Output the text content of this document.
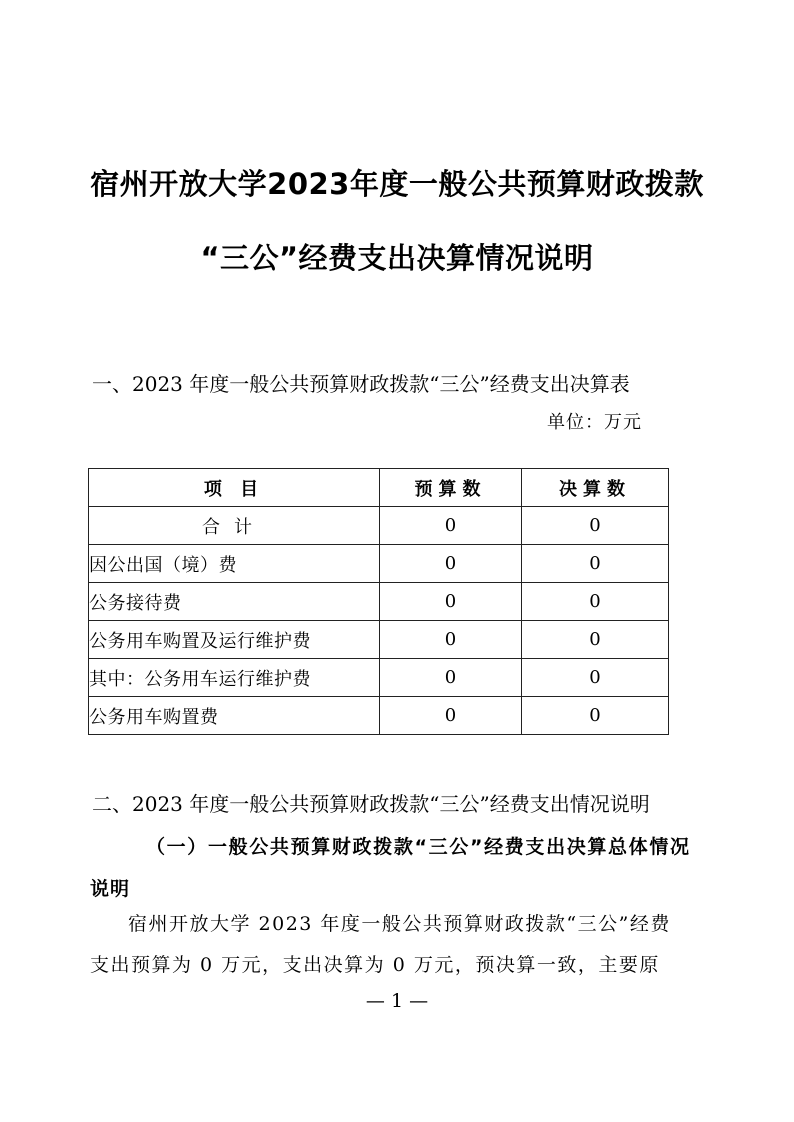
宿州开放大学2023年度一般公共预算财政拨款
“三公”经费支出决算情况说明
一、2023 年度一般公共预算财政拨款“三公”经费支出决算表
单位：万元
项 目	预算数	决算数
合计	0	0
因公出国（境）费	0	0
公务接待费	0	0
公务用车购置及运行维护费	0	0
其中：公务用车运行维护费	0	0
公务用车购置费	0	0
二、2023 年度一般公共预算财政拨款“三公”经费支出情况说明
（一）一般公共预算财政拨款“三公”经费支出决算总体情况说明
宿州开放大学 2023 年度一般公共预算财政拨款“三公”经费支出预算为 0 万元，支出决算为 0 万元，预决算一致，主要原
— 1 —
